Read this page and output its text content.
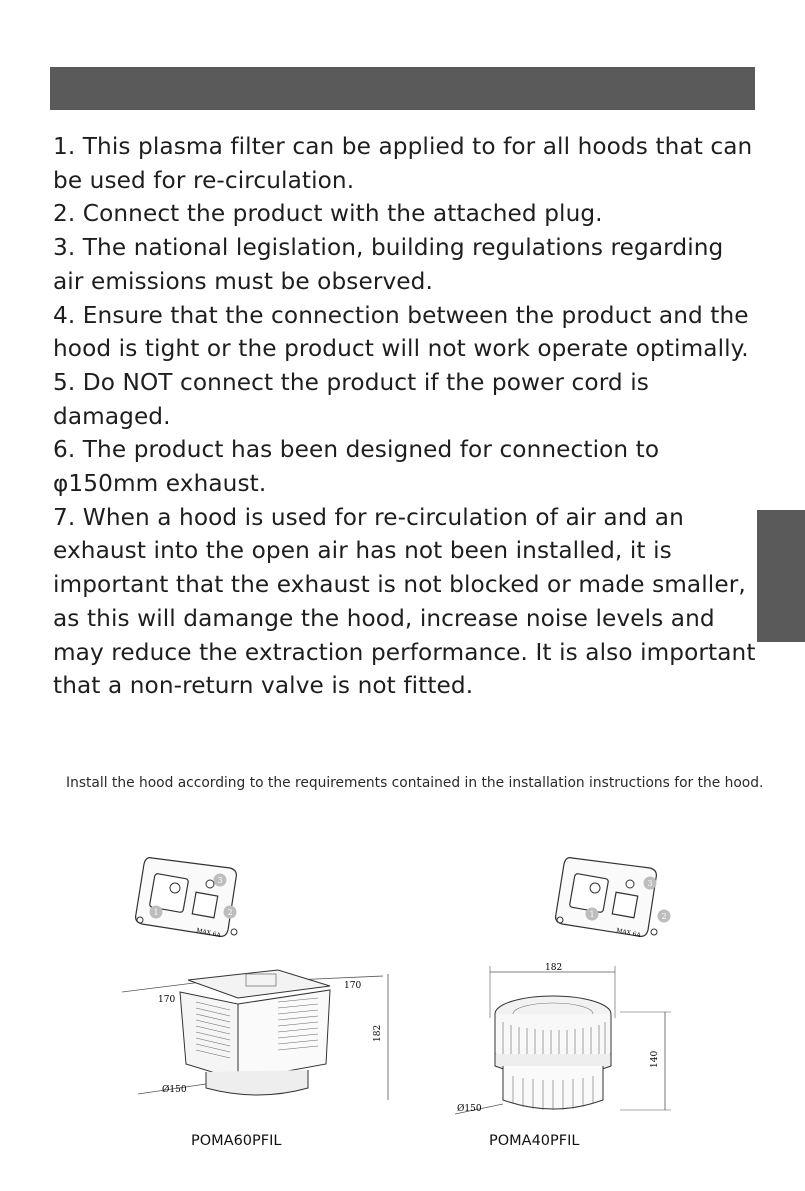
1. This plasma filter can be applied to for all hoods that can be used for re-circulation.
2. Connect the product with the attached plug.
3. The national legislation, building regulations regarding air emissions must be observed.
4. Ensure that the connection between the product and the hood is tight or the product will not work operate optimally.
5. Do NOT connect the product if the power cord is damaged.
6. The product has been designed for connection to φ150mm exhaust.
7. When a hood is used for re-circulation of air and an exhaust into the open air has not been installed, it is important that the exhaust is not blocked or made smaller, as this will damange the hood, increase noise levels and may reduce the extraction performance. It is also important that a non-return valve is not fitted.

Install the hood according to the requirements contained in the installation instructions for the hood.

MAX 6A
1	2
3
170
170
182
Ø150
MAX 6A
1	2
3
182
140
Ø150
POMA60PFIL	POMA40PFIL
